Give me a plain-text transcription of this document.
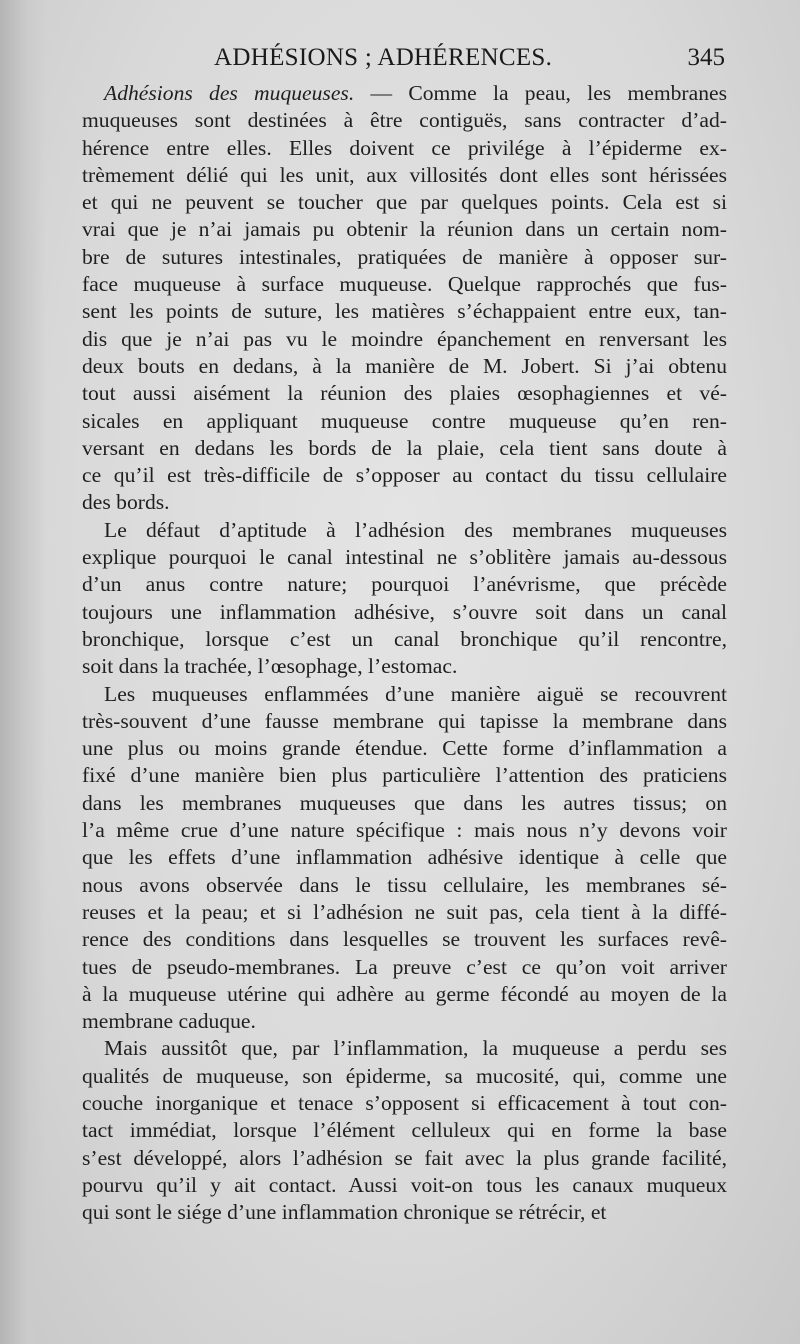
ADHÉSIONS ; ADHÉRENCES.	345
Adhésions des muqueuses. — Comme la peau, les membranes
muqueuses sont destinées à être contiguës, sans contracter d’ad-
hérence entre elles. Elles doivent ce privilége à l’épiderme ex-
trèmement délié qui les unit, aux villosités dont elles sont hérissées
et qui ne peuvent se toucher que par quelques points. Cela est si
vrai que je n’ai jamais pu obtenir la réunion dans un certain nom-
bre de sutures intestinales, pratiquées de manière à opposer sur-
face muqueuse à surface muqueuse. Quelque rapprochés que fus-
sent les points de suture, les matières s’échappaient entre eux, tan-
dis que je n’ai pas vu le moindre épanchement en renversant les
deux bouts en dedans, à la manière de M. Jobert. Si j’ai obtenu
tout aussi aisément la réunion des plaies œsophagiennes et vé-
sicales en appliquant muqueuse contre muqueuse qu’en ren-
versant en dedans les bords de la plaie, cela tient sans doute à
ce qu’il est très-difficile de s’opposer au contact du tissu cellulaire
des bords.
Le défaut d’aptitude à l’adhésion des membranes muqueuses
explique pourquoi le canal intestinal ne s’oblitère jamais au-dessous
d’un anus contre nature; pourquoi l’anévrisme, que précède
toujours une inflammation adhésive, s’ouvre soit dans un canal
bronchique, lorsque c’est un canal bronchique qu’il rencontre,
soit dans la trachée, l’œsophage, l’estomac.
Les muqueuses enflammées d’une manière aiguë se recouvrent
très-souvent d’une fausse membrane qui tapisse la membrane dans
une plus ou moins grande étendue. Cette forme d’inflammation a
fixé d’une manière bien plus particulière l’attention des praticiens
dans les membranes muqueuses que dans les autres tissus; on
l’a même crue d’une nature spécifique : mais nous n’y devons voir
que les effets d’une inflammation adhésive identique à celle que
nous avons observée dans le tissu cellulaire, les membranes sé-
reuses et la peau; et si l’adhésion ne suit pas, cela tient à la diffé-
rence des conditions dans lesquelles se trouvent les surfaces revê-
tues de pseudo-membranes. La preuve c’est ce qu’on voit arriver
à la muqueuse utérine qui adhère au germe fécondé au moyen de la
membrane caduque.
Mais aussitôt que, par l’inflammation, la muqueuse a perdu ses
qualités de muqueuse, son épiderme, sa mucosité, qui, comme une
couche inorganique et tenace s’opposent si efficacement à tout con-
tact immédiat, lorsque l’élément celluleux qui en forme la base
s’est développé, alors l’adhésion se fait avec la plus grande facilité,
pourvu qu’il y ait contact. Aussi voit-on tous les canaux muqueux
qui sont le siége d’une inflammation chronique se rétrécir, et
